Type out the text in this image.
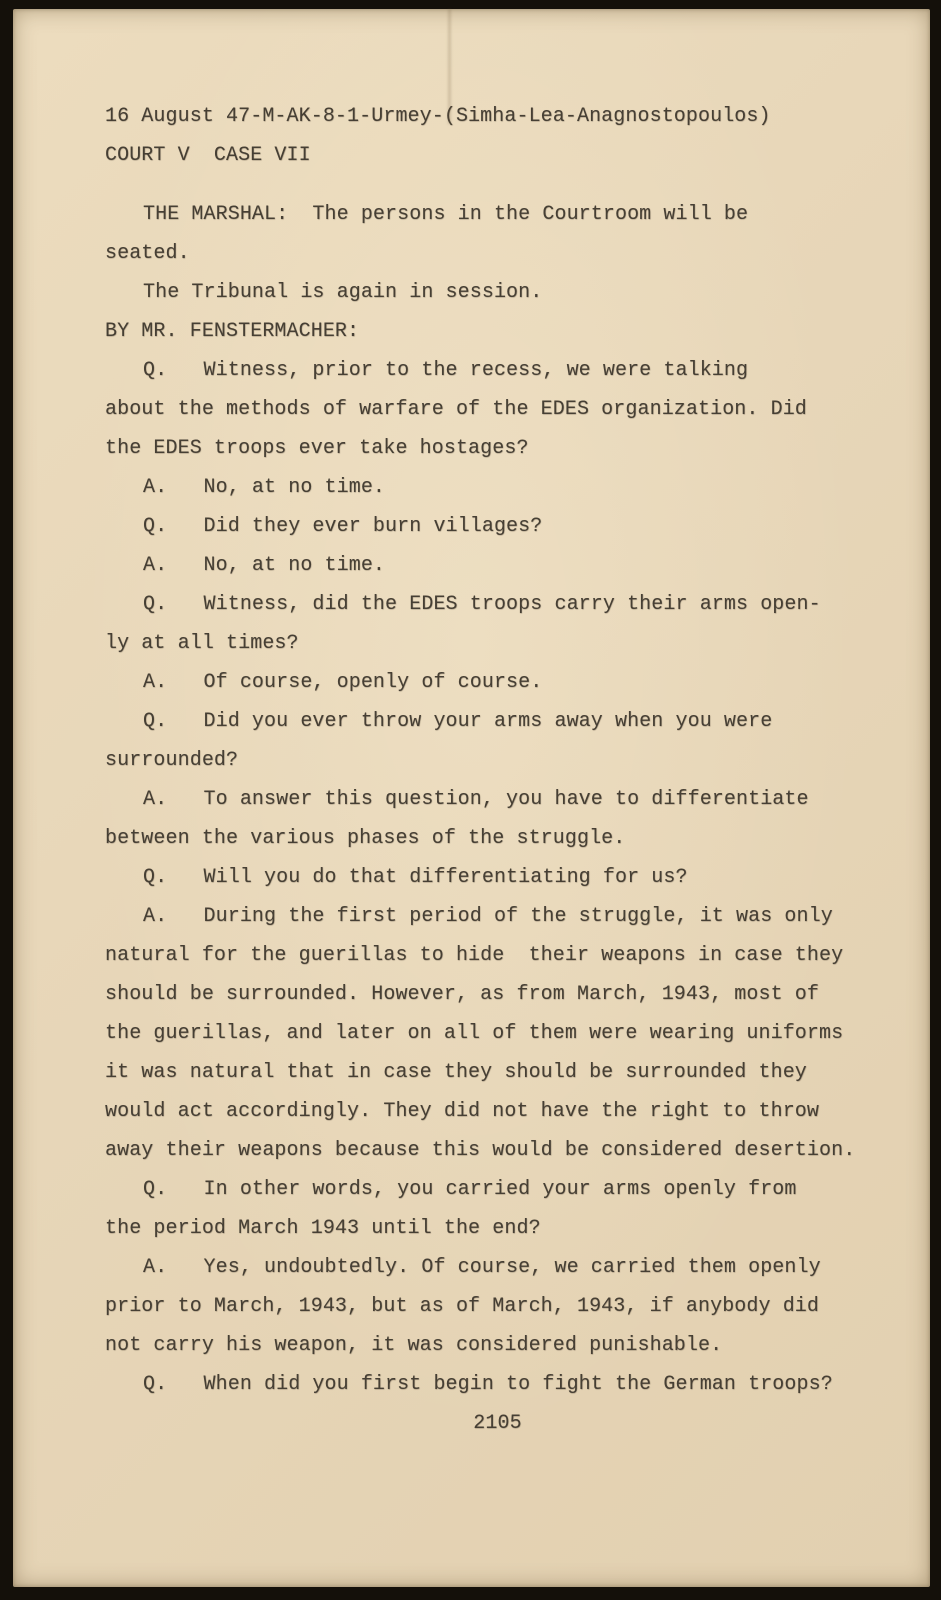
16 August 47-M-AK-8-1-Urmey-(Simha-Lea-Anagnostopoulos)
COURT V  CASE VII
THE MARSHAL:  The persons in the Courtroom will be
seated.
The Tribunal is again in session.
BY MR. FENSTERMACHER:
Q.   Witness, prior to the recess, we were talking
about the methods of warfare of the EDES organization. Did
the EDES troops ever take hostages?
A.   No, at no time.
Q.   Did they ever burn villages?
A.   No, at no time.
Q.   Witness, did the EDES troops carry their arms open-
ly at all times?
A.   Of course, openly of course.
Q.   Did you ever throw your arms away when you were
surrounded?
A.   To answer this question, you have to differentiate
between the various phases of the struggle.
Q.   Will you do that differentiating for us?
A.   During the first period of the struggle, it was only
natural for the guerillas to hide  their weapons in case they
should be surrounded. However, as from March, 1943, most of
the guerillas, and later on all of them were wearing uniforms
it was natural that in case they should be surrounded they
would act accordingly. They did not have the right to throw
away their weapons because this would be considered desertion.
Q.   In other words, you carried your arms openly from
the period March 1943 until the end?
A.   Yes, undoubtedly. Of course, we carried them openly
prior to March, 1943, but as of March, 1943, if anybody did
not carry his weapon, it was considered punishable.
Q.   When did you first begin to fight the German troops?
2105
